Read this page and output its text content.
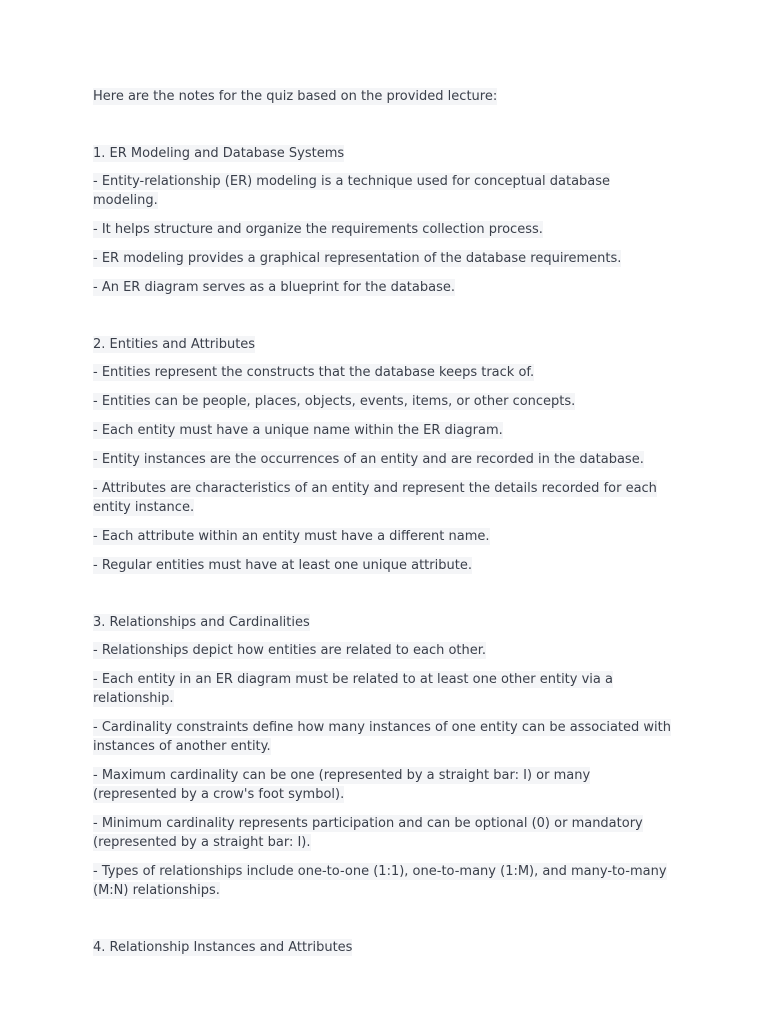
Here are the notes for the quiz based on the provided lecture:

1. ER Modeling and Database Systems

- Entity-relationship (ER) modeling is a technique used for conceptual database modeling.

- It helps structure and organize the requirements collection process.

- ER modeling provides a graphical representation of the database requirements.

- An ER diagram serves as a blueprint for the database.

2. Entities and Attributes

- Entities represent the constructs that the database keeps track of.

- Entities can be people, places, objects, events, items, or other concepts.

- Each entity must have a unique name within the ER diagram.

- Entity instances are the occurrences of an entity and are recorded in the database.

- Attributes are characteristics of an entity and represent the details recorded for each entity instance.

- Each attribute within an entity must have a different name.

- Regular entities must have at least one unique attribute.

3. Relationships and Cardinalities

- Relationships depict how entities are related to each other.

- Each entity in an ER diagram must be related to at least one other entity via a relationship.

- Cardinality constraints define how many instances of one entity can be associated with instances of another entity.

- Maximum cardinality can be one (represented by a straight bar: I) or many (represented by a crow's foot symbol).

- Minimum cardinality represents participation and can be optional (0) or mandatory (represented by a straight bar: I).

- Types of relationships include one-to-one (1:1), one-to-many (1:M), and many-to-many (M:N) relationships.

4. Relationship Instances and Attributes
